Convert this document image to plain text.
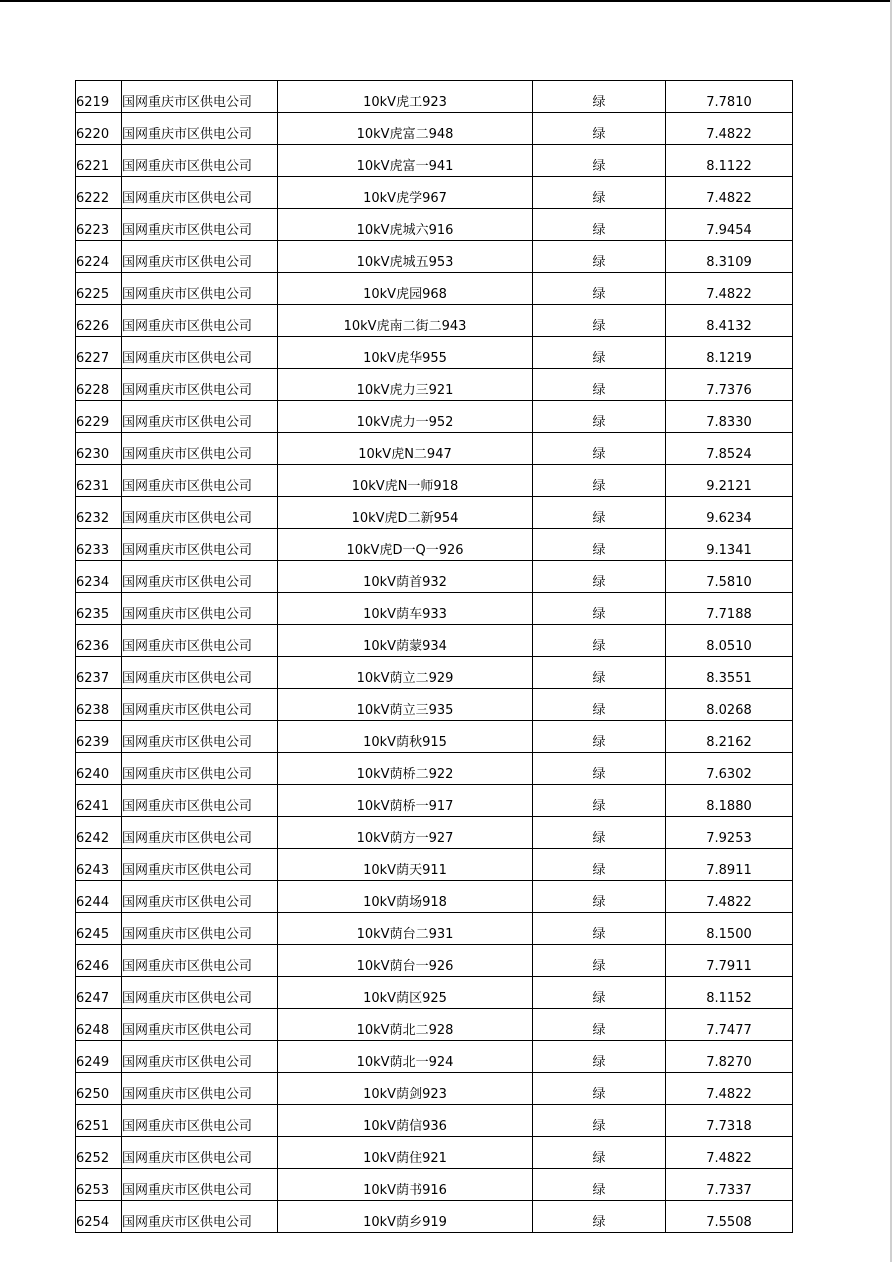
6219	国网重庆市区供电公司	10kV虎工923	绿	7.7810
6220	国网重庆市区供电公司	10kV虎富二948	绿	7.4822
6221	国网重庆市区供电公司	10kV虎富一941	绿	8.1122
6222	国网重庆市区供电公司	10kV虎学967	绿	7.4822
6223	国网重庆市区供电公司	10kV虎城六916	绿	7.9454
6224	国网重庆市区供电公司	10kV虎城五953	绿	8.3109
6225	国网重庆市区供电公司	10kV虎园968	绿	7.4822
6226	国网重庆市区供电公司	10kV虎南二街二943	绿	8.4132
6227	国网重庆市区供电公司	10kV虎华955	绿	8.1219
6228	国网重庆市区供电公司	10kV虎力三921	绿	7.7376
6229	国网重庆市区供电公司	10kV虎力一952	绿	7.8330
6230	国网重庆市区供电公司	10kV虎N二947	绿	7.8524
6231	国网重庆市区供电公司	10kV虎N一师918	绿	9.2121
6232	国网重庆市区供电公司	10kV虎D二新954	绿	9.6234
6233	国网重庆市区供电公司	10kV虎D一Q一926	绿	9.1341
6234	国网重庆市区供电公司	10kV荫首932	绿	7.5810
6235	国网重庆市区供电公司	10kV荫车933	绿	7.7188
6236	国网重庆市区供电公司	10kV荫蒙934	绿	8.0510
6237	国网重庆市区供电公司	10kV荫立二929	绿	8.3551
6238	国网重庆市区供电公司	10kV荫立三935	绿	8.0268
6239	国网重庆市区供电公司	10kV荫秋915	绿	8.2162
6240	国网重庆市区供电公司	10kV荫桥二922	绿	7.6302
6241	国网重庆市区供电公司	10kV荫桥一917	绿	8.1880
6242	国网重庆市区供电公司	10kV荫方一927	绿	7.9253
6243	国网重庆市区供电公司	10kV荫天911	绿	7.8911
6244	国网重庆市区供电公司	10kV荫场918	绿	7.4822
6245	国网重庆市区供电公司	10kV荫台二931	绿	8.1500
6246	国网重庆市区供电公司	10kV荫台一926	绿	7.7911
6247	国网重庆市区供电公司	10kV荫区925	绿	8.1152
6248	国网重庆市区供电公司	10kV荫北二928	绿	7.7477
6249	国网重庆市区供电公司	10kV荫北一924	绿	7.8270
6250	国网重庆市区供电公司	10kV荫剑923	绿	7.4822
6251	国网重庆市区供电公司	10kV荫信936	绿	7.7318
6252	国网重庆市区供电公司	10kV荫住921	绿	7.4822
6253	国网重庆市区供电公司	10kV荫书916	绿	7.7337
6254	国网重庆市区供电公司	10kV荫乡919	绿	7.5508
